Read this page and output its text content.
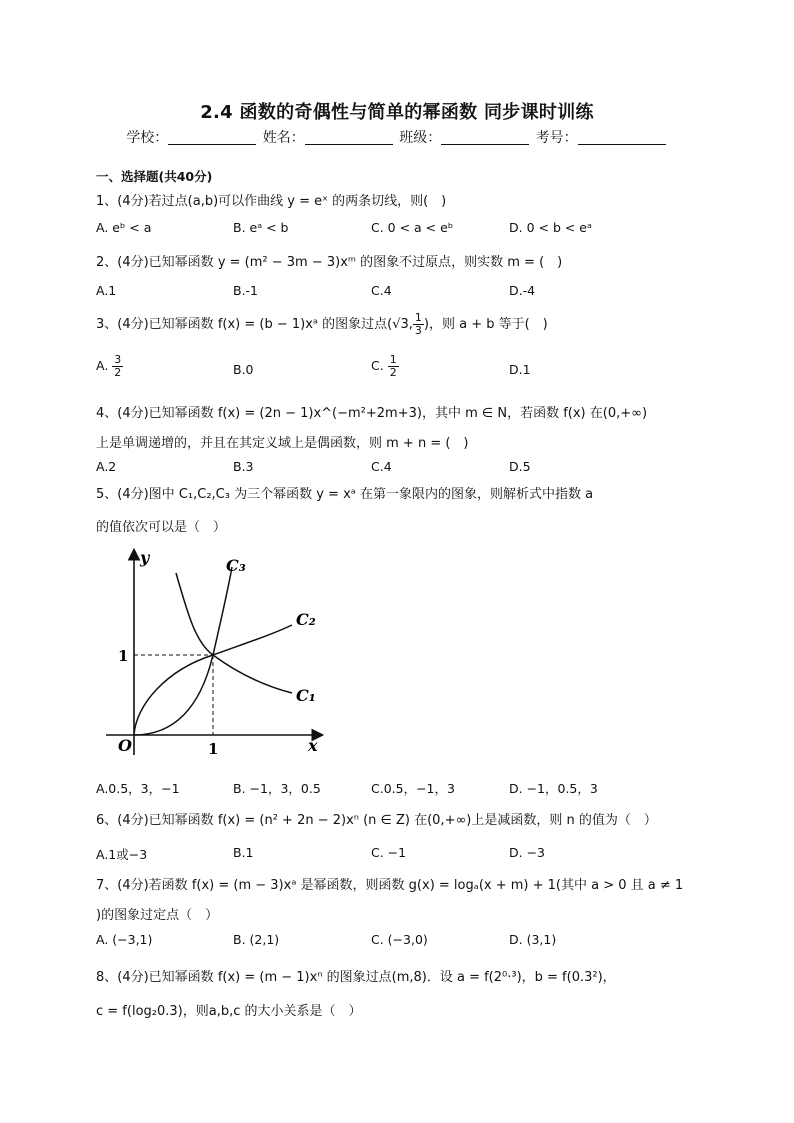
2.4 函数的奇偶性与简单的幂函数 同步课时训练
学校：	姓名：	班级：	考号：
一、选择题(共40分)
1、(4分)若过点(a,b)可以作曲线 y = eˣ 的两条切线，则(　)
A. eᵇ < a	B. eᵃ < b	C. 0 < a < eᵇ	D. 0 < b < eᵃ
2、(4分)已知幂函数 y = (m² − 3m − 3)xᵐ 的图象不过原点，则实数 m = (　)
A.1	B.-1	C.4	D.-4
3、(4分)已知幂函数 f(x) = (b − 1)xᵃ 的图象过点(√3, $\frac{1}{3}$ )，则 a + b 等于(　)
A. $\frac{3}{2}$	B.0	C. $\frac{1}{2}$	D.1
4、(4分)已知幂函数 f(x) = (2n − 1)x^(−m²+2m+3)，其中 m ∈ N，若函数 f(x) 在(0,+∞)
上是单调递增的，并且在其定义域上是偶函数，则 m + n = (　)
A.2	B.3	C.4	D.5
5、(4分)图中 C₁,C₂,C₃ 为三个幂函数 y = xᵃ 在第一象限内的图象，则解析式中指数 a
的值依次可以是（　）
y
x
O	1
1
C₃
C₂
C₁
A.0.5，3，−1	B. −1，3，0.5	C.0.5，−1，3	D. −1，0.5，3
6、(4分)已知幂函数 f(x) = (n² + 2n − 2)xⁿ (n ∈ Z) 在(0,+∞)上是减函数，则 n 的值为（　）
A.1或−3	B.1	C. −1	D. −3
7、(4分)若函数 f(x) = (m − 3)xᵃ 是幂函数，则函数 g(x) = logₐ(x + m) + 1(其中 a > 0 且 a ≠ 1
)的图象过定点（　）
A. (−3,1)	B. (2,1)	C. (−3,0)	D. (3,1)
8、(4分)已知幂函数 f(x) = (m − 1)xⁿ 的图象过点(m,8)．设 a = f(2⁰·³)，b = f(0.3²)，
c = f(log₂0.3)，则a,b,c 的大小关系是（　）
